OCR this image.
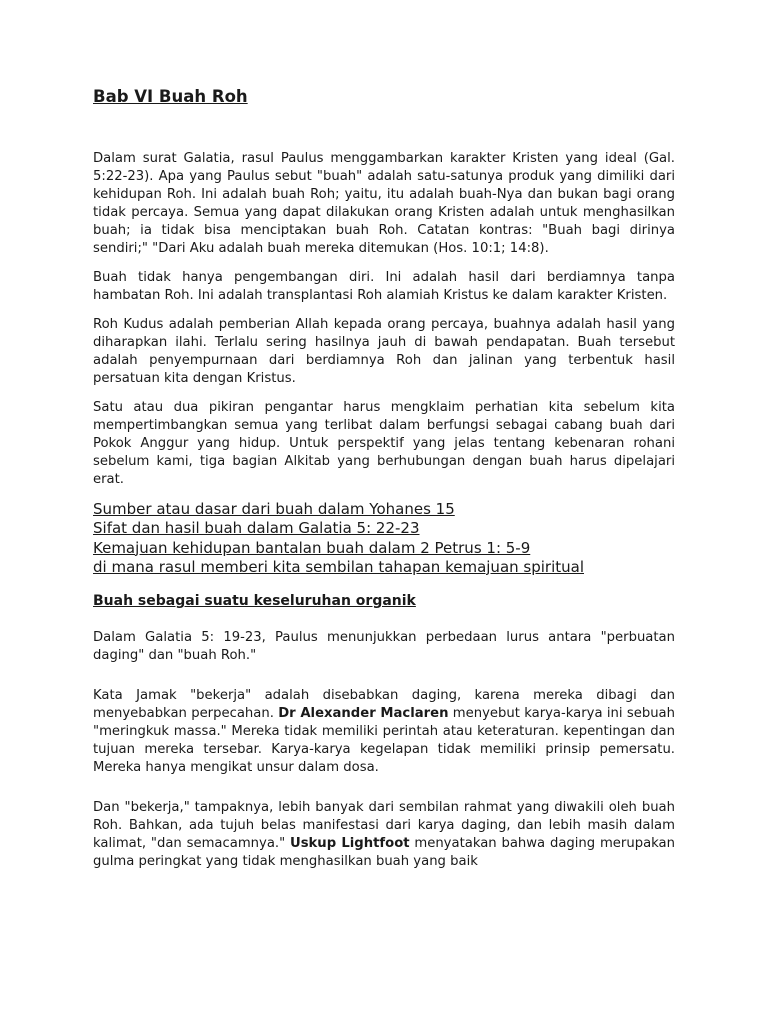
Bab VI Buah Roh

Dalam surat Galatia, rasul Paulus menggambarkan karakter Kristen yang ideal (Gal. 5:22-23). Apa yang Paulus sebut "buah" adalah satu-satunya produk yang dimiliki dari kehidupan Roh. Ini adalah buah Roh; yaitu, itu adalah buah-Nya dan bukan bagi orang tidak percaya. Semua yang dapat dilakukan orang Kristen adalah untuk menghasilkan buah; ia tidak bisa menciptakan buah Roh. Catatan kontras: "Buah bagi dirinya sendiri;" "Dari Aku adalah buah mereka ditemukan (Hos. 10:1; 14:8).

Buah tidak hanya pengembangan diri. Ini adalah hasil dari berdiamnya tanpa hambatan Roh. Ini adalah transplantasi Roh alamiah Kristus ke dalam karakter Kristen.

Roh Kudus adalah pemberian Allah kepada orang percaya, buahnya adalah hasil yang diharapkan ilahi. Terlalu sering hasilnya jauh di bawah pendapatan. Buah tersebut adalah penyempurnaan dari berdiamnya Roh dan jalinan yang terbentuk hasil persatuan kita dengan Kristus.

Satu atau dua pikiran pengantar harus mengklaim perhatian kita sebelum kita mempertimbangkan semua yang terlibat dalam berfungsi sebagai cabang buah dari Pokok Anggur yang hidup. Untuk perspektif yang jelas tentang kebenaran rohani sebelum kami, tiga bagian Alkitab yang berhubungan dengan buah harus dipelajari erat.

Sumber atau dasar dari buah dalam Yohanes 15
Sifat dan hasil buah dalam Galatia 5: 22-23
Kemajuan kehidupan bantalan buah dalam 2 Petrus 1: 5-9
di mana rasul memberi kita sembilan tahapan kemajuan spiritual
Buah sebagai suatu keseluruhan organik

Dalam Galatia 5: 19-23, Paulus menunjukkan perbedaan lurus antara "perbuatan daging" dan "buah Roh."

Kata Jamak "bekerja" adalah disebabkan daging, karena mereka dibagi dan menyebabkan perpecahan. Dr Alexander Maclaren menyebut karya-karya ini sebuah "meringkuk massa." Mereka tidak memiliki perintah atau keteraturan. kepentingan dan tujuan mereka tersebar. Karya-karya kegelapan tidak memiliki prinsip pemersatu. Mereka hanya mengikat unsur dalam dosa.

Dan "bekerja," tampaknya, lebih banyak dari sembilan rahmat yang diwakili oleh buah Roh. Bahkan, ada tujuh belas manifestasi dari karya daging, dan lebih masih dalam kalimat, "dan semacamnya." Uskup Lightfoot menyatakan bahwa daging merupakan gulma peringkat yang tidak menghasilkan buah yang baik
